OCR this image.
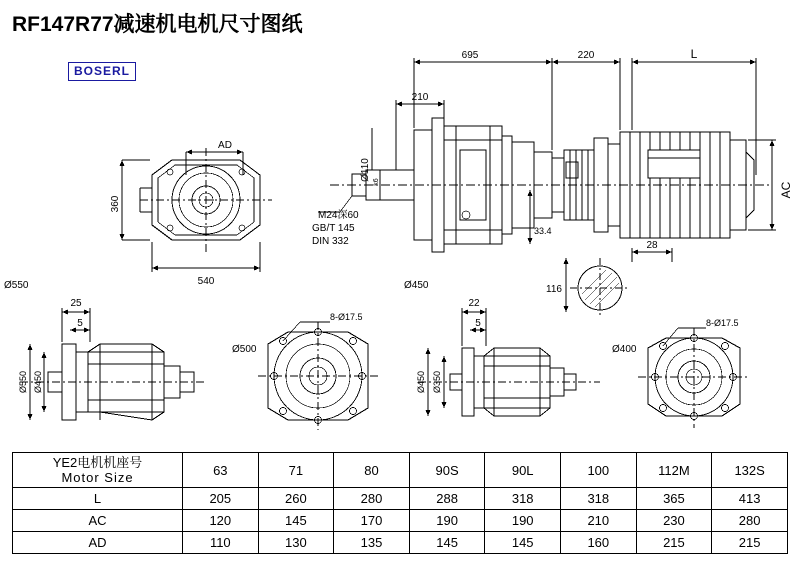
RF147R77减速机电机尺寸图纸
BOSERL
AD
695	220	L
210
M24深60
GB/T 145
DIN 332
33.4
28
116
Ø550	Ø450
25
5
22
5
8-Ø17.5
8-Ø17.5
Ø500	Ø400
360
540
AC
Ø110
k6
Ø550 Ø450	Ø450 Ø350
YE2电机机座号
Motor Size	63	71	80	90S	90L	100	112M	132S
L	205	260	280	288	318	318	365	413
AC	120	145	170	190	190	210	230	280
AD	110	130	135	145	145	160	215	215
